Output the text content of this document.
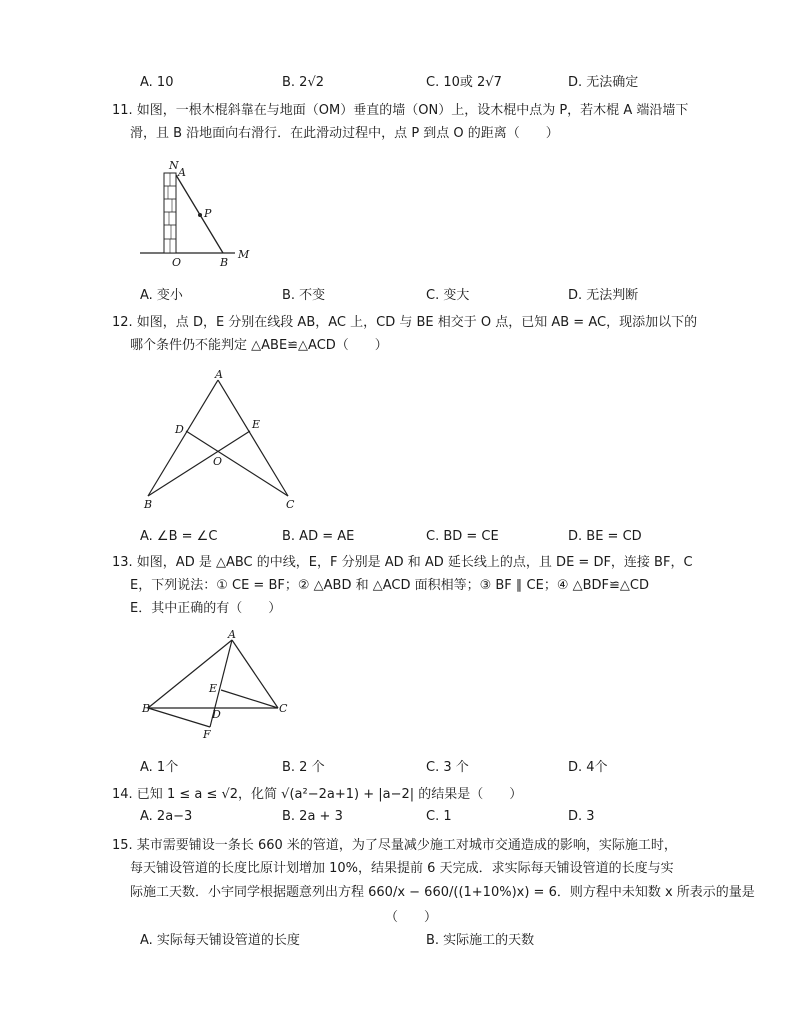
A. 10	B. 2√2	C. 10或 2√7	D. 无法确定
11. 如图，一根木棍斜靠在与地面（OM）垂直的墙（ON）上，设木棍中点为 P，若木棍 A 端沿墙下
滑，且 B 沿地面向右滑行．在此滑动过程中，点 P 到点 O 的距离（　　）
N
A
P
O	B
M
A. 变小	B. 不变	C. 变大	D. 无法判断
12. 如图，点 D，E 分别在线段 AB，AC 上，CD 与 BE 相交于 O 点，已知 AB = AC，现添加以下的
哪个条件仍不能判定 △ABE≌△ACD（　　）
A
D	E
O
B	C
A. ∠B = ∠C	B. AD = AE	C. BD = CE	D. BE = CD
13. 如图，AD 是 △ABC 的中线，E，F 分别是 AD 和 AD 延长线上的点，且 DE = DF，连接 BF，C
E，下列说法：① CE = BF；② △ABD 和 △ACD 面积相等；③ BF ∥ CE；④ △BDF≌△CD
E．其中正确的有（　　）
A
E
B	D	C
F
A. 1个	B. 2 个	C. 3 个	D. 4个
14. 已知 1 ≤ a ≤ √2，化简 √(a²−2a+1) + |a−2| 的结果是（　　）
A. 2a−3	B. 2a + 3	C. 1	D. 3
15. 某市需要铺设一条长 660 米的管道，为了尽量减少施工对城市交通造成的影响，实际施工时，
每天铺设管道的长度比原计划增加 10%，结果提前 6 天完成．求实际每天铺设管道的长度与实
际施工天数．小宇同学根据题意列出方程 660/x − 660/((1+10%)x) = 6．则方程中未知数 x 所表示的量是
（　　）
A. 实际每天铺设管道的长度	B. 实际施工的天数
